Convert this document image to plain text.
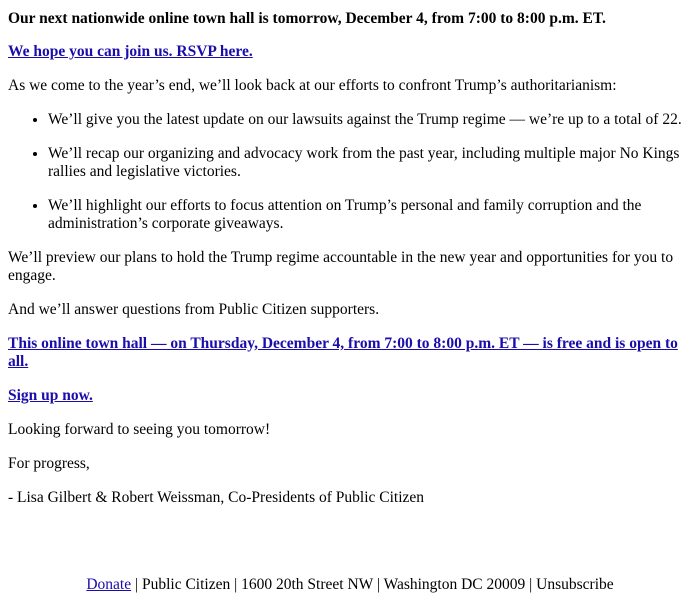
Our next nationwide online town hall is tomorrow, December 4, from 7:00 to 8:00 p.m. ET.

We hope you can join us. RSVP here.

As we come to the year’s end, we’ll look back at our efforts to confront Trump’s authoritarianism:

• We’ll give you the latest update on our lawsuits against the Trump regime — we’re up to a total of 22.
• We’ll recap our organizing and advocacy work from the past year, including multiple major No Kings rallies and legislative victories.
• We’ll highlight our efforts to focus attention on Trump’s personal and family corruption and the administration’s corporate giveaways.

We’ll preview our plans to hold the Trump regime accountable in the new year and opportunities for you to engage.

And we’ll answer questions from Public Citizen supporters.

This online town hall — on Thursday, December 4, from 7:00 to 8:00 p.m. ET — is free and is open to all.

Sign up now.

Looking forward to seeing you tomorrow!

For progress,

- Lisa Gilbert & Robert Weissman, Co-Presidents of Public Citizen

Donate | Public Citizen | 1600 20th Street NW | Washington DC 20009 | Unsubscribe
